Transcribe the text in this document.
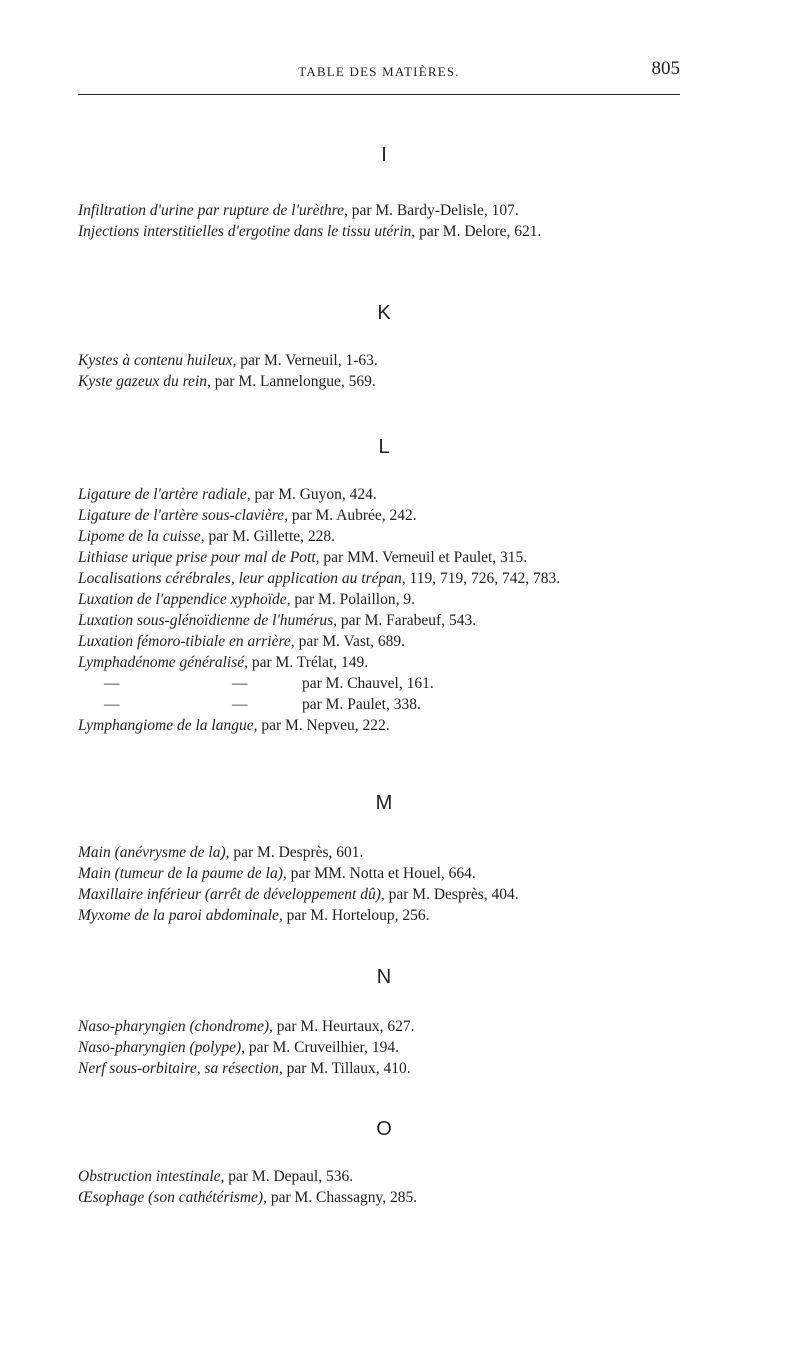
TABLE DES MATIÈRES.	805
I

Infiltration d'urine par rupture de l'urèthre, par M. Bardy-Delisle, 107.

Injections interstitielles d'ergotine dans le tissu utérin, par M. Delore, 621.

K

Kystes à contenu huileux, par M. Verneuil, 1-63.

Kyste gazeux du rein, par M. Lannelongue, 569.

L

Ligature de l'artère radiale, par M. Guyon, 424.

Ligature de l'artère sous-clavière, par M. Aubrée, 242.

Lipome de la cuisse, par M. Gillette, 228.

Lithiase urique prise pour mal de Pott, par MM. Verneuil et Paulet, 315.

Localisations cérébrales, leur application au trépan, 119, 719, 726, 742, 783.

Luxation de l'appendice xyphoïde, par M. Polaillon, 9.

Luxation sous-glénoïdienne de l'humérus, par M. Farabeuf, 543.

Luxation fémoro-tibiale en arrière, par M. Vast, 689.

Lymphadénome généralisé, par M. Trélat, 149.

—	—	par M. Chauvel, 161.

—	—	par M. Paulet, 338.

Lymphangiome de la langue, par M. Nepveu, 222.

M

Main (anévrysme de la), par M. Desprès, 601.

Main (tumeur de la paume de la), par MM. Notta et Houel, 664.

Maxillaire inférieur (arrêt de développement dû), par M. Desprès, 404.

Myxome de la paroi abdominale, par M. Horteloup, 256.

N

Naso-pharyngien (chondrome), par M. Heurtaux, 627.

Naso-pharyngien (polype), par M. Cruveilhier, 194.

Nerf sous-orbitaire, sa résection, par M. Tillaux, 410.

O

Obstruction intestinale, par M. Depaul, 536.

Œsophage (son cathétérisme), par M. Chassagny, 285.
